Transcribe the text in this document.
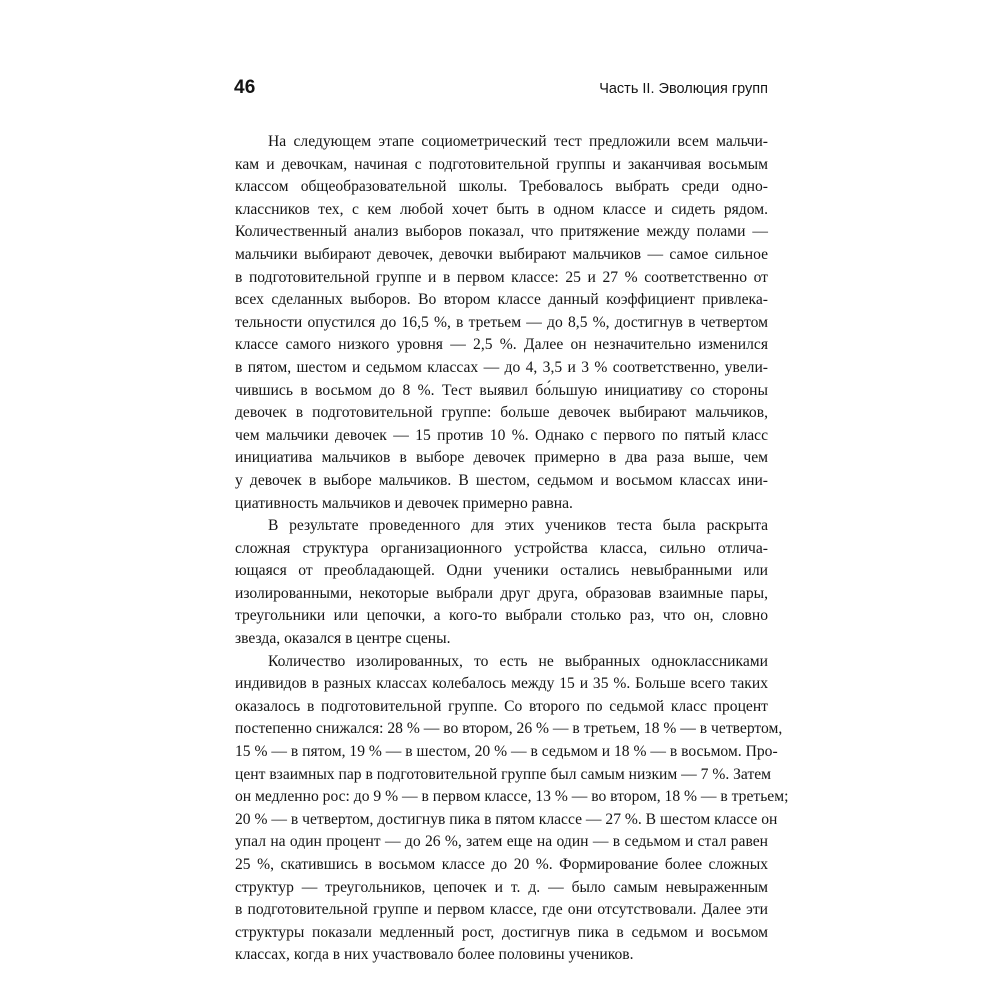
46	Часть II. Эволюция групп

На следующем этапе социометрический тест предложили всем мальчи-
кам и девочкам, начиная с подготовительной группы и заканчивая восьмым
классом общеобразовательной школы. Требовалось выбрать среди одно-
классников тех, с кем любой хочет быть в одном классе и сидеть рядом.
Количественный анализ выборов показал, что притяжение между полами —
мальчики выбирают девочек, девочки выбирают мальчиков — самое сильное
в подготовительной группе и в первом классе: 25 и 27 % соответственно от
всех сделанных выборов. Во втором классе данный коэффициент привлека-
тельности опустился до 16,5 %, в третьем — до 8,5 %, достигнув в четвертом
классе самого низкого уровня — 2,5 %. Далее он незначительно изменился
в пятом, шестом и седьмом классах — до 4, 3,5 и 3 % соответственно, увели-
чившись в восьмом до 8 %. Тест выявил бо́льшую инициативу со стороны
девочек в подготовительной группе: больше девочек выбирают мальчиков,
чем мальчики девочек — 15 против 10 %. Однако с первого по пятый класс
инициатива мальчиков в выборе девочек примерно в два раза выше, чем
у девочек в выборе мальчиков. В шестом, седьмом и восьмом классах ини-
циативность мальчиков и девочек примерно равна.

В результате проведенного для этих учеников теста была раскрыта
сложная структура организационного устройства класса, сильно отлича-
ющаяся от преобладающей. Одни ученики остались невыбранными или
изолированными, некоторые выбрали друг друга, образовав взаимные пары,
треугольники или цепочки, а кого-то выбрали столько раз, что он, словно
звезда, оказался в центре сцены.

Количество изолированных, то есть не выбранных одноклассниками
индивидов в разных классах колебалось между 15 и 35 %. Больше всего таких
оказалось в подготовительной группе. Со второго по седьмой класс процент
постепенно снижался: 28 % — во втором, 26 % — в третьем, 18 % — в четвертом,
15 % — в пятом, 19 % — в шестом, 20 % — в седьмом и 18 % — в восьмом. Про-
цент взаимных пар в подготовительной группе был самым низким — 7 %. Затем
он медленно рос: до 9 % — в первом классе, 13 % — во втором, 18 % — в третьем;
20 % — в четвертом, достигнув пика в пятом классе — 27 %. В шестом классе он
упал на один процент — до 26 %, затем еще на один — в седьмом и стал равен
25 %, скатившись в восьмом классе до 20 %. Формирование более сложных
структур — треугольников, цепочек и т. д. — было самым невыраженным
в подготовительной группе и первом классе, где они отсутствовали. Далее эти
структуры показали медленный рост, достигнув пика в седьмом и восьмом
классах, когда в них участвовало более половины учеников.
